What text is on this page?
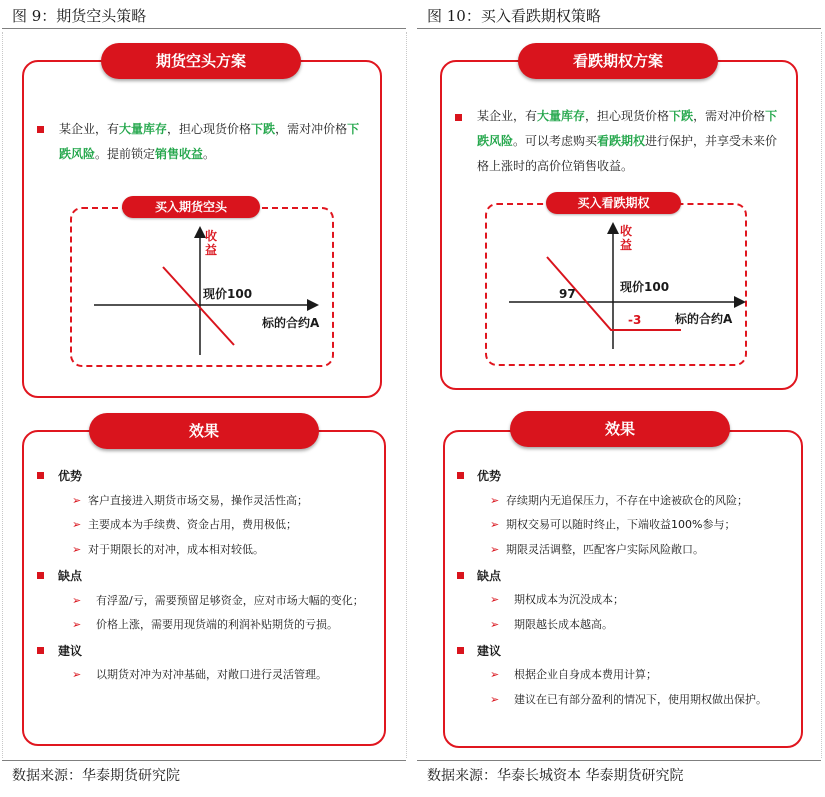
图 9：期货空头策略
期货空头方案
某企业，有大量库存，担心现货价格下跌，需对冲价格下
跌风险。提前锁定销售收益。
买入期货空头
收
益
现价100
标的合约A
效果
优势
➢ 客户直接进入期货市场交易，操作灵活性高；
➢ 主要成本为手续费、资金占用，费用极低；
➢ 对于期限长的对冲，成本相对较低。
缺点
➢ 有浮盈/亏，需要预留足够资金，应对市场大幅的变化；
➢ 价格上涨，需要用现货端的利润补贴期货的亏损。
建议
➢ 以期货对冲为对冲基础，对敞口进行灵活管理。
数据来源：华泰期货研究院
图 10：买入看跌期权策略
看跌期权方案
某企业，有大量库存，担心现货价格下跌，需对冲价格下
跌风险。可以考虑购买看跌期权进行保护，并享受未来价
格上涨时的高价位销售收益。
买入看跌期权
收
益
现价100
97
-3	标的合约A
效果
优势
➢ 存续期内无追保压力，不存在中途被砍仓的风险；
➢ 期权交易可以随时终止，下端收益100%参与；
➢ 期限灵活调整，匹配客户实际风险敞口。
缺点
➢ 期权成本为沉没成本；
➢ 期限越长成本越高。
建议
➢ 根据企业自身成本费用计算；
➢ 建议在已有部分盈利的情况下，使用期权做出保护。
数据来源：华泰长城资本 华泰期货研究院
